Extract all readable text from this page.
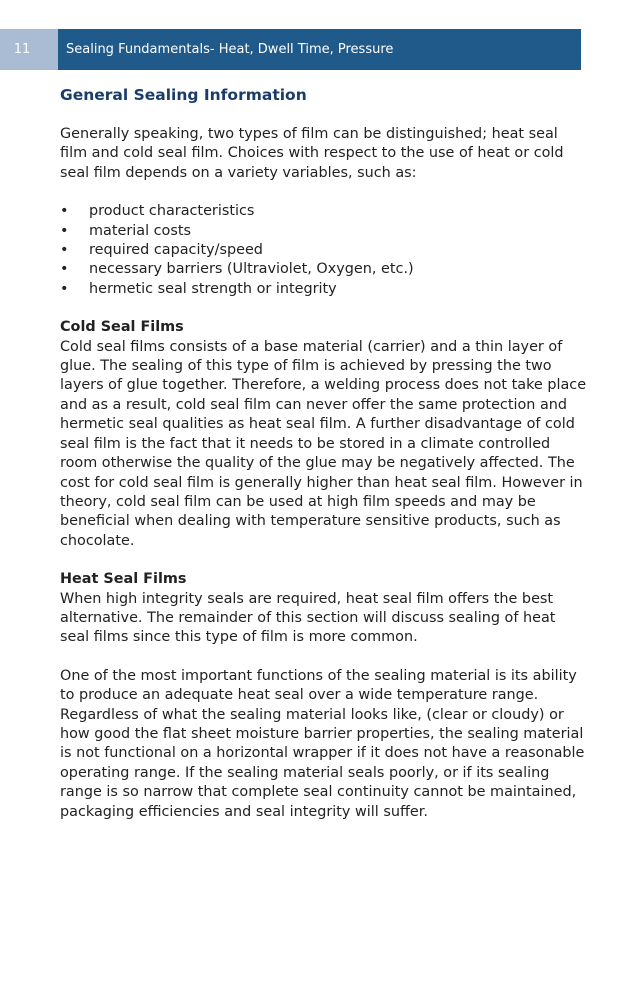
11	Sealing Fundamentals- Heat, Dwell Time, Pressure
General Sealing Information

Generally speaking, two types of film can be distinguished; heat seal film and cold seal film. Choices with respect to the use of heat or cold seal film depends on a variety variables, such as:

• product characteristics
• material costs
• required capacity/speed
• necessary barriers (Ultraviolet, Oxygen, etc.)
• hermetic seal strength or integrity
Cold Seal Films

Cold seal films consists of a base material (carrier) and a thin layer of glue. The sealing of this type of film is achieved by pressing the two layers of glue together. Therefore, a welding process does not take place and as a result, cold seal film can never offer the same protection and hermetic seal qualities as heat seal film. A further disadvantage of cold seal film is the fact that it needs to be stored in a climate controlled room otherwise the quality of the glue may be negatively affected. The cost for cold seal film is generally higher than heat seal film. However in theory, cold seal film can be used at high film speeds and may be beneficial when dealing with temperature sensitive products, such as chocolate.

Heat Seal Films

When high integrity seals are required, heat seal film offers the best alternative. The remainder of this section will discuss sealing of heat seal films since this type of film is more common.

One of the most important functions of the sealing material is its ability to produce an adequate heat seal over a wide temperature range. Regardless of what the sealing material looks like, (clear or cloudy) or how good the flat sheet moisture barrier properties, the sealing material is not functional on a horizontal wrapper if it does not have a reasonable operating range. If the sealing material seals poorly, or if its sealing range is so narrow that complete seal continuity cannot be maintained, packaging efficiencies and seal integrity will suffer.
